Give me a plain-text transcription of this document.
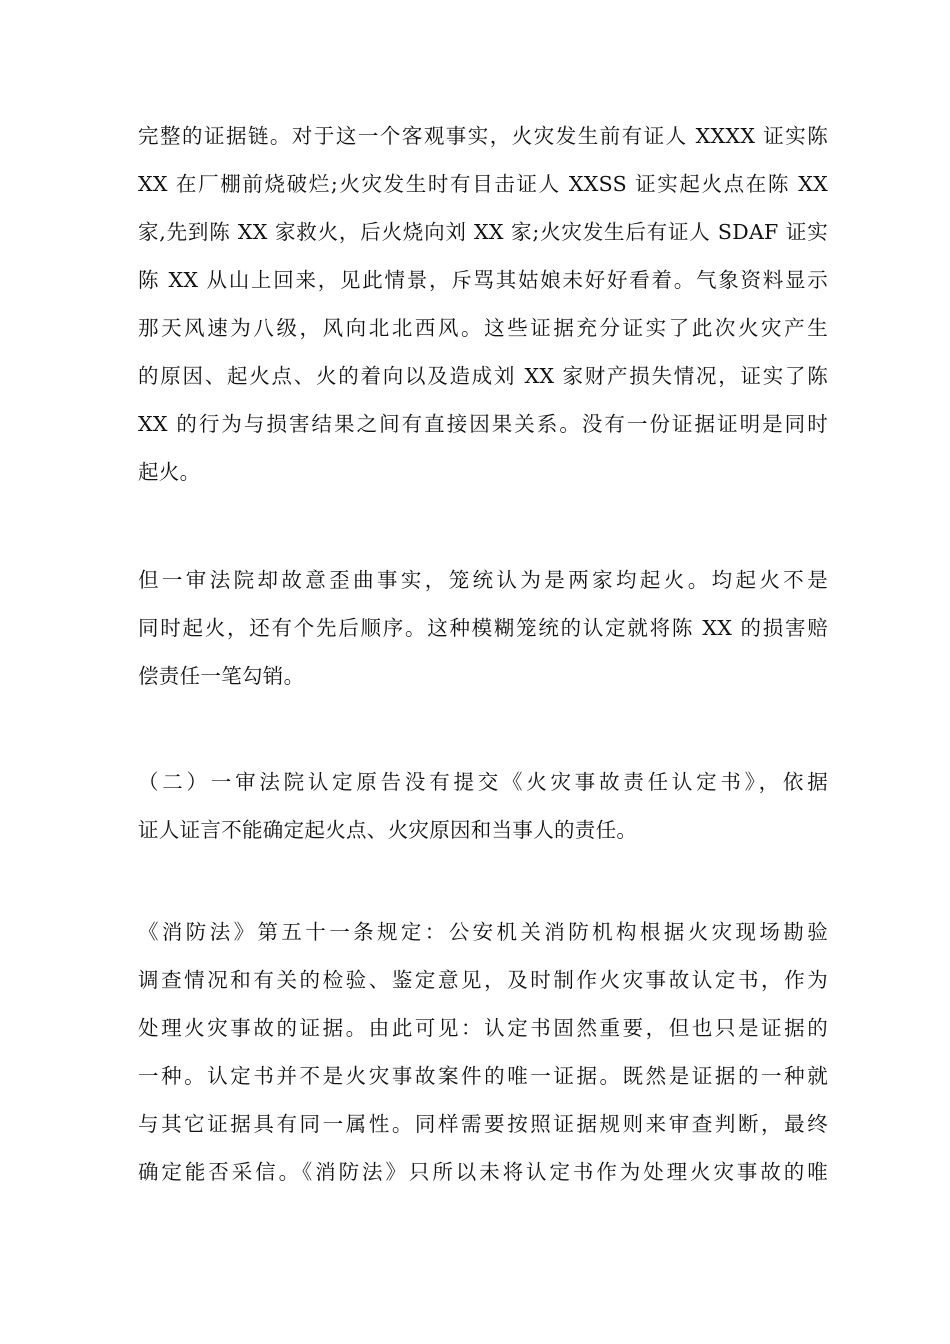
完整的证据链。对于这一个客观事实，火灾发生前有证人 XXXX 证实陈
XX 在厂棚前烧破烂;火灾发生时有目击证人 XXSS 证实起火点在陈 XX
家,先到陈 XX 家救火，后火烧向刘 XX 家;火灾发生后有证人 SDAF 证实
陈 XX 从山上回来，见此情景，斥骂其姑娘未好好看着。气象资料显示
那天风速为八级，风向北北西风。这些证据充分证实了此次火灾产生
的原因、起火点、火的着向以及造成刘 XX 家财产损失情况，证实了陈
XX 的行为与损害结果之间有直接因果关系。没有一份证据证明是同时
起火。
但一审法院却故意歪曲事实，笼统认为是两家均起火。均起火不是
同时起火，还有个先后顺序。这种模糊笼统的认定就将陈 XX 的损害赔
偿责任一笔勾销。
（二）一审法院认定原告没有提交《火灾事故责任认定书》，依据
证人证言不能确定起火点、火灾原因和当事人的责任。
《消防法》第五十一条规定：公安机关消防机构根据火灾现场勘验
调查情况和有关的检验、鉴定意见，及时制作火灾事故认定书，作为
处理火灾事故的证据。由此可见：认定书固然重要，但也只是证据的
一种。认定书并不是火灾事故案件的唯一证据。既然是证据的一种就
与其它证据具有同一属性。同样需要按照证据规则来审查判断，最终
确定能否采信。《消防法》只所以未将认定书作为处理火灾事故的唯
